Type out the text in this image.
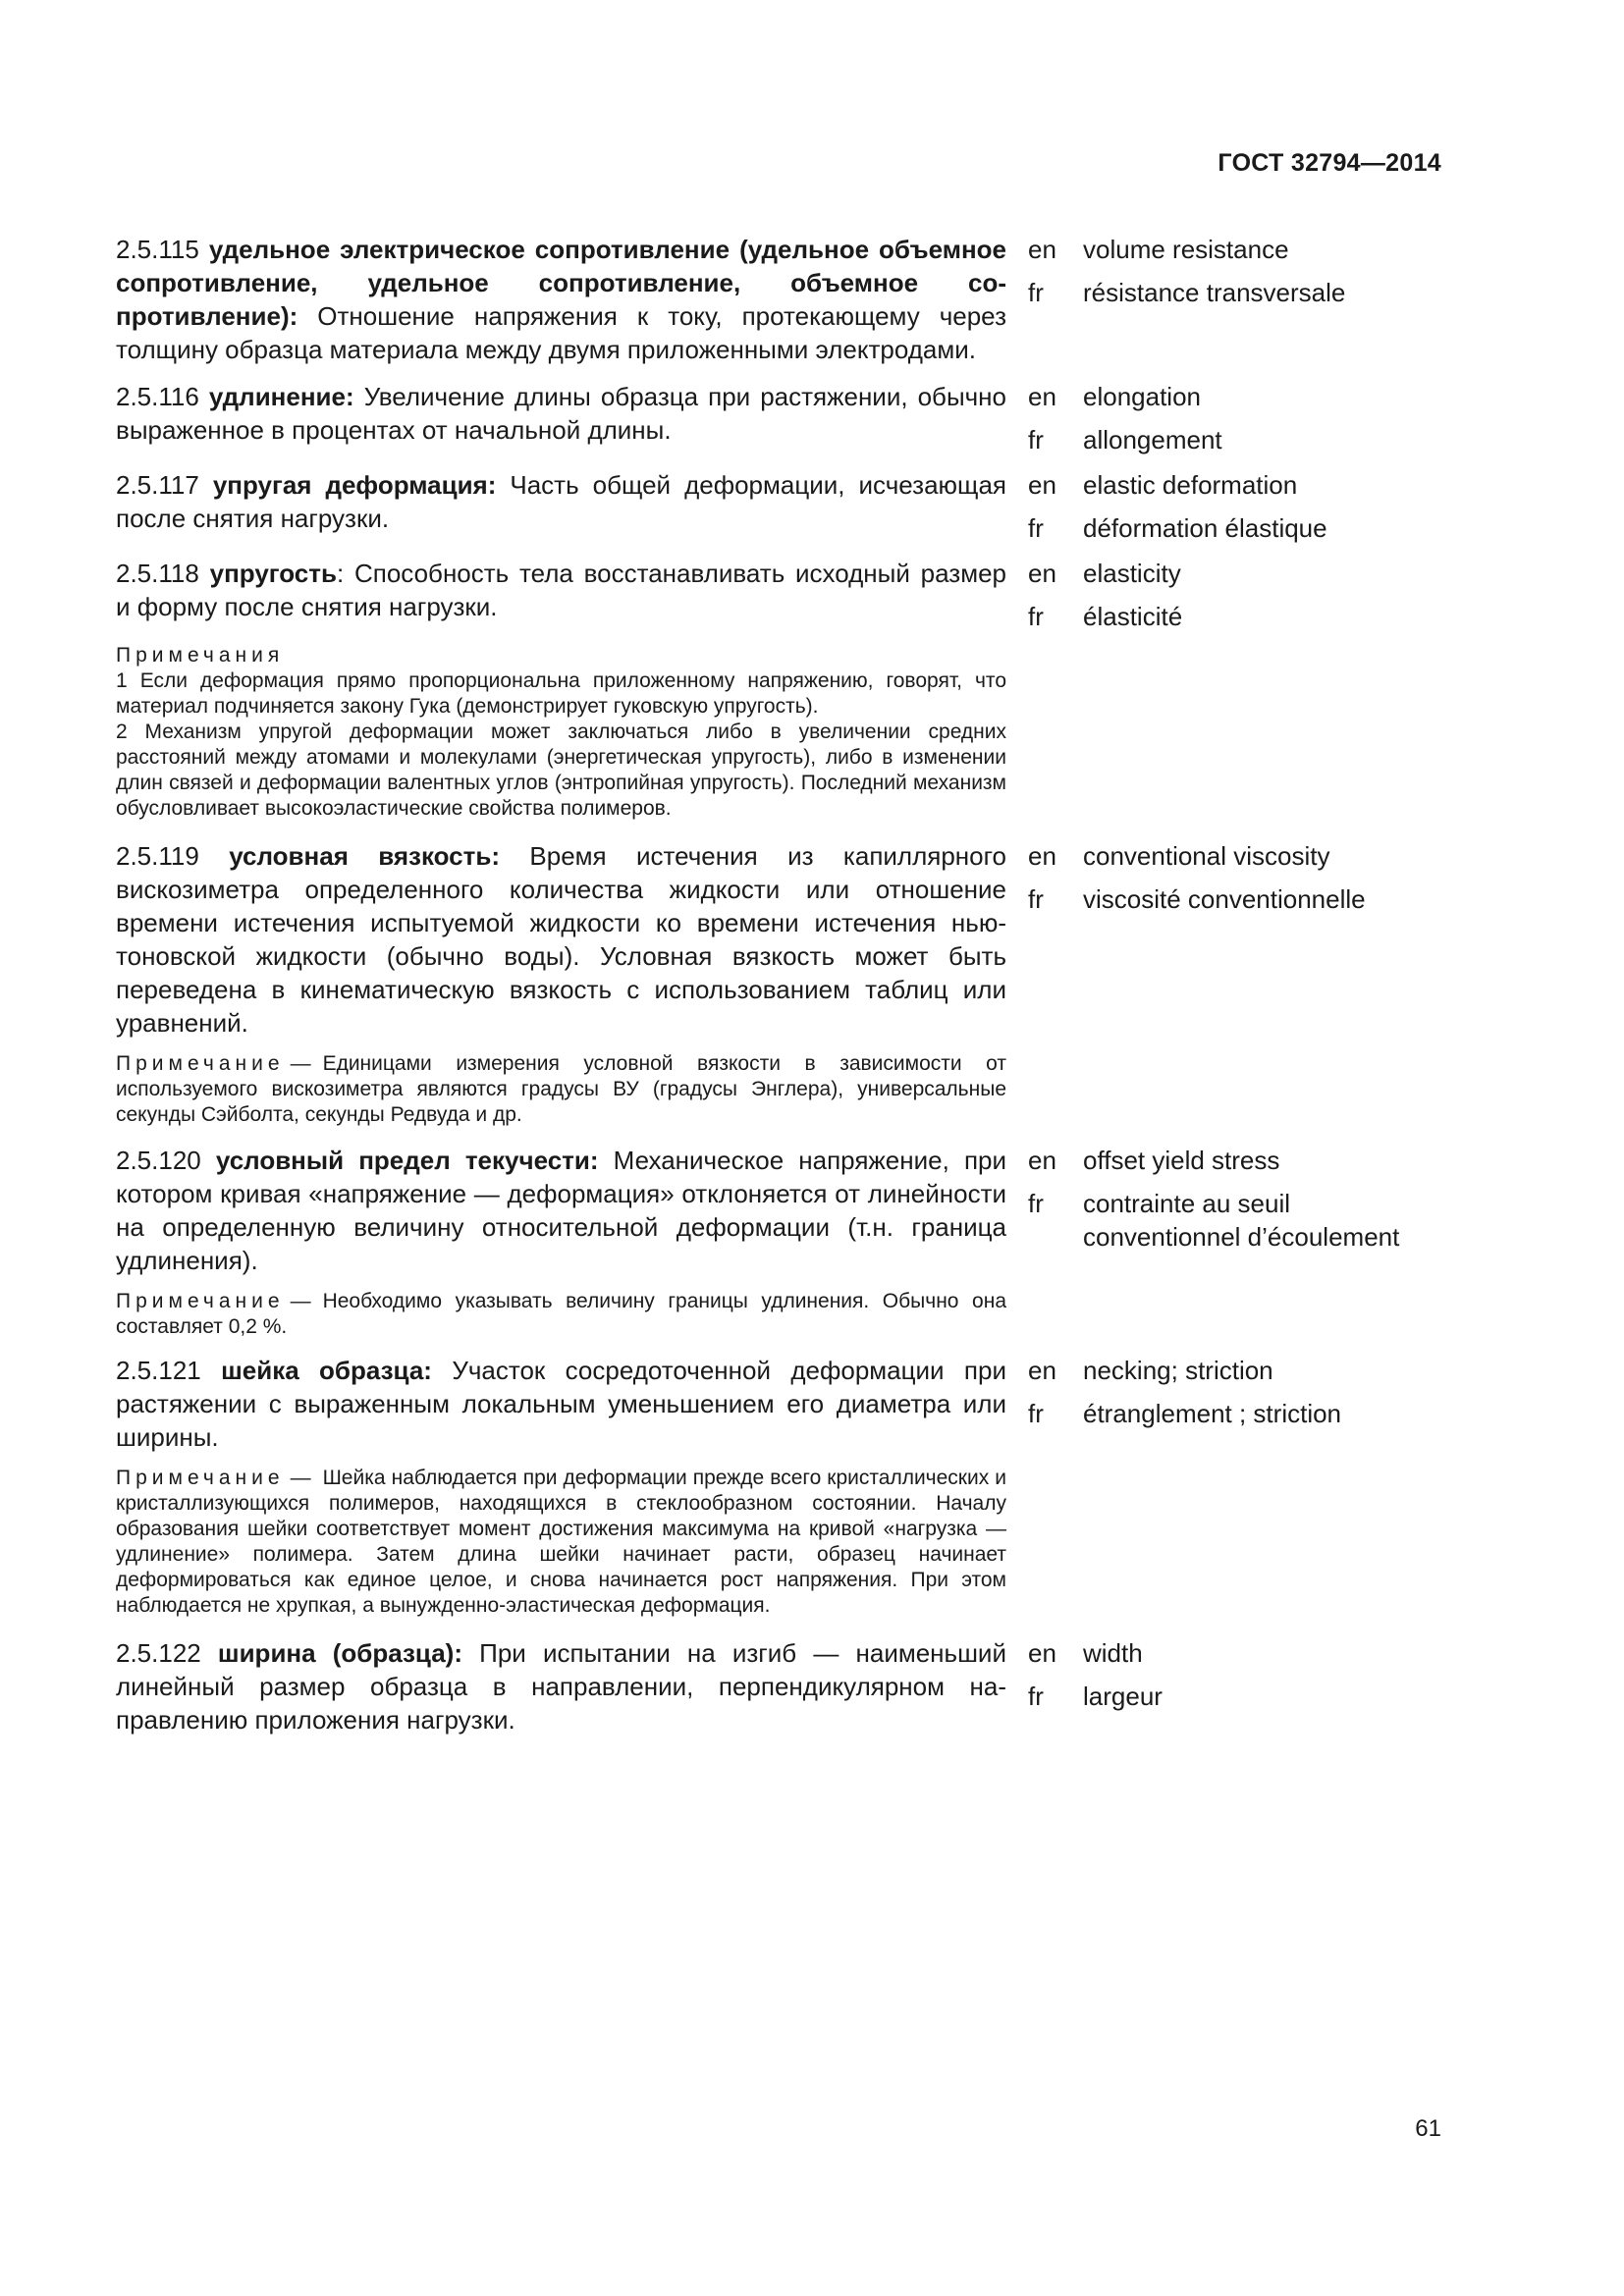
ГОСТ 32794—2014
2.5.115 удельное электрическое сопротивление (удельное объемное сопротивление, удельное сопротивление, объемное сопротивление): Отношение напряжения к току, протекающему через толщину образца материала между двумя приложенными электродами.
en	volume resistance
fr	résistance transversale
2.5.116 удлинение: Увеличение длины образца при растяжении, обычно выраженное в процентах от начальной длины.
en	elongation
fr	allongement
2.5.117 упругая деформация: Часть общей деформации, исчезающая после снятия нагрузки.
en	elastic deformation
fr	déformation élastique
2.5.118 упругость: Способность тела восстанавливать исходный размер и форму после снятия нагрузки.
en	elasticity
fr	élasticité
Примечания
1 Если деформация прямо пропорциональна приложенному напряжению, говорят, что материал подчиняется закону Гука (демонстрирует гуковскую упругость).
2 Механизм упругой деформации может заключаться либо в увеличении средних расстояний между атомами и молекулами (энергетическая упругость), либо в изменении длин связей и деформации валентных углов (энтропийная упругость). Последний механизм обусловливает высокоэластические свойства полимеров.
2.5.119 условная вязкость: Время истечения из капиллярного вискозиметра определенного количества жидкости или отношение времени истечения испытуемой жидкости ко времени истечения ньютоновской жидкости (обычно воды). Условная вязкость может быть переведена в кинематическую вязкость с использованием таблиц или уравнений.
en	conventional viscosity
fr	viscosité conventionnelle
Примечание — Единицами измерения условной вязкости в зависимости от используемого вискозиметра являются градусы ВУ (градусы Энглера), универсальные секунды Сэйболта, секунды Редвуда и др.
2.5.120 условный предел текучести: Механическое напряжение, при котором кривая «напряжение — деформация» отклоняется от линейности на определенную величину относительной деформации (т.н. граница удлинения).
en	offset yield stress
fr	contrainte au seuil conventionnel d’écoulement
Примечание — Необходимо указывать величину границы удлинения. Обычно она составляет 0,2 %.
2.5.121 шейка образца: Участок сосредоточенной деформации при растяжении с выраженным локальным уменьшением его диаметра или ширины.
en	necking; striction
fr	étranglement ; striction
Примечание — Шейка наблюдается при деформации прежде всего кристаллических и кристаллизующихся полимеров, находящихся в стеклообразном состоянии. Началу образования шейки соответствует момент достижения максимума на кривой «нагрузка — удлинение» полимера. Затем длина шейки начинает расти, образец начинает деформироваться как единое целое, и снова начинается рост напряжения. При этом наблюдается не хрупкая, а вынужденно-эластическая деформация.
2.5.122 ширина (образца): При испытании на изгиб — наименьший линейный размер образца в направлении, перпендикулярном направлению приложения нагрузки.
en	width
fr	largeur
61
